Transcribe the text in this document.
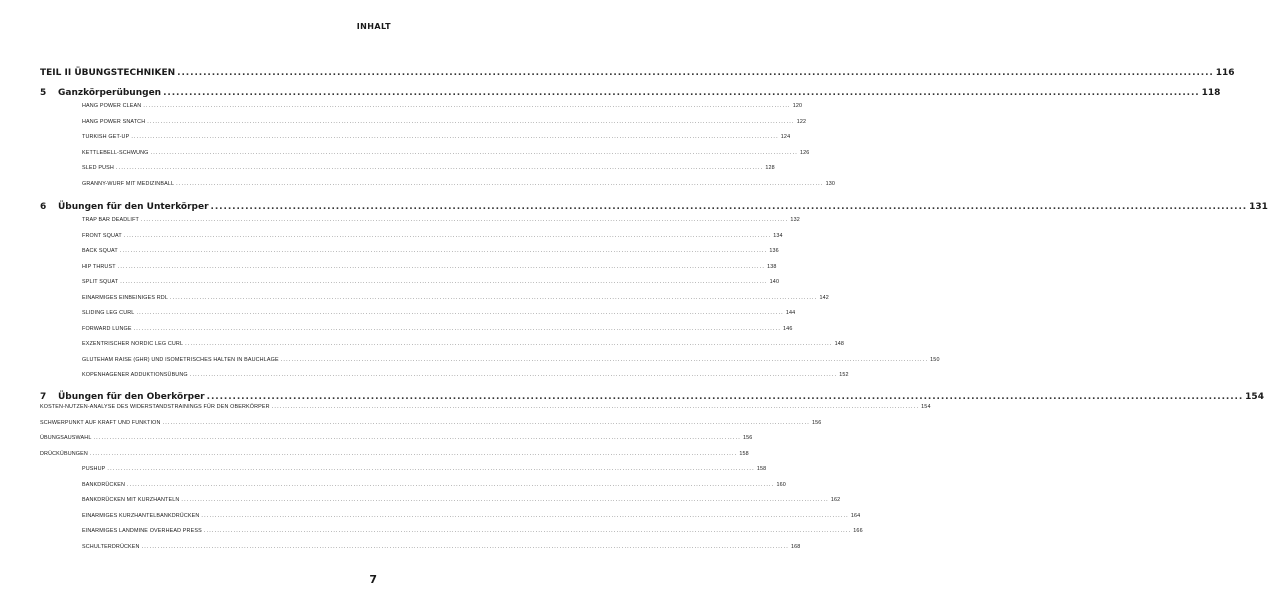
INHALT
TEIL II ÜBUNGSTECHNIKEN ................................................................................................................................................................................................................................................ 116
5 Ganzkörperübungen ................................................................................................................................................................................................................................................ 118
HANG POWER CLEAN ................................................................................................................................................................................................................................................ 120
HANG POWER SNATCH ................................................................................................................................................................................................................................................ 122
TURKISH GET-UP ................................................................................................................................................................................................................................................ 124
KETTLEBELL-SCHWUNG ................................................................................................................................................................................................................................................ 126
SLED PUSH ................................................................................................................................................................................................................................................ 128
GRANNY-WURF MIT MEDIZINBALL ................................................................................................................................................................................................................................................ 130
6 Übungen für den Unterkörper ................................................................................................................................................................................................................................................ 131
TRAP BAR DEADLIFT ................................................................................................................................................................................................................................................ 132
FRONT SQUAT ................................................................................................................................................................................................................................................ 134
BACK SQUAT ................................................................................................................................................................................................................................................ 136
HIP THRUST ................................................................................................................................................................................................................................................ 138
SPLIT SQUAT ................................................................................................................................................................................................................................................ 140
EINARMIGES EINBEINIGES RDL ................................................................................................................................................................................................................................................ 142
SLIDING LEG CURL ................................................................................................................................................................................................................................................ 144
FORWARD LUNGE ................................................................................................................................................................................................................................................ 146
EXZENTRISCHER NORDIC LEG CURL ................................................................................................................................................................................................................................................ 148
GLUTEHAM RAISE (GHR) UND ISOMETRISCHES HALTEN IN BAUCHLAGE ................................................................................................................................................................................................................................................ 150
KOPENHAGENER ADDUKTIONSÜBUNG ................................................................................................................................................................................................................................................ 152
7 Übungen für den Oberkörper ................................................................................................................................................................................................................................................ 154
KOSTEN-NUTZEN-ANALYSE DES WIDERSTANDSTRAININGS FÜR DEN OBERKÖRPER ................................................................................................................................................................................................................................................ 154
SCHWERPUNKT AUF KRAFT UND FUNKTION ................................................................................................................................................................................................................................................ 156
ÜBUNGSAUSWAHL ................................................................................................................................................................................................................................................ 156
DRÜCKÜBUNGEN ................................................................................................................................................................................................................................................ 158
PUSHUP ................................................................................................................................................................................................................................................ 158
BANKDRÜCKEN ................................................................................................................................................................................................................................................ 160
BANKDRÜCKEN MIT KURZHANTELN ................................................................................................................................................................................................................................................ 162
EINARMIGES KURZHANTELBANKDRÜCKEN ................................................................................................................................................................................................................................................ 164
EINARMIGES LANDMINE OVERHEAD PRESS ................................................................................................................................................................................................................................................ 166
SCHULTERDRÜCKEN ................................................................................................................................................................................................................................................ 168
7
